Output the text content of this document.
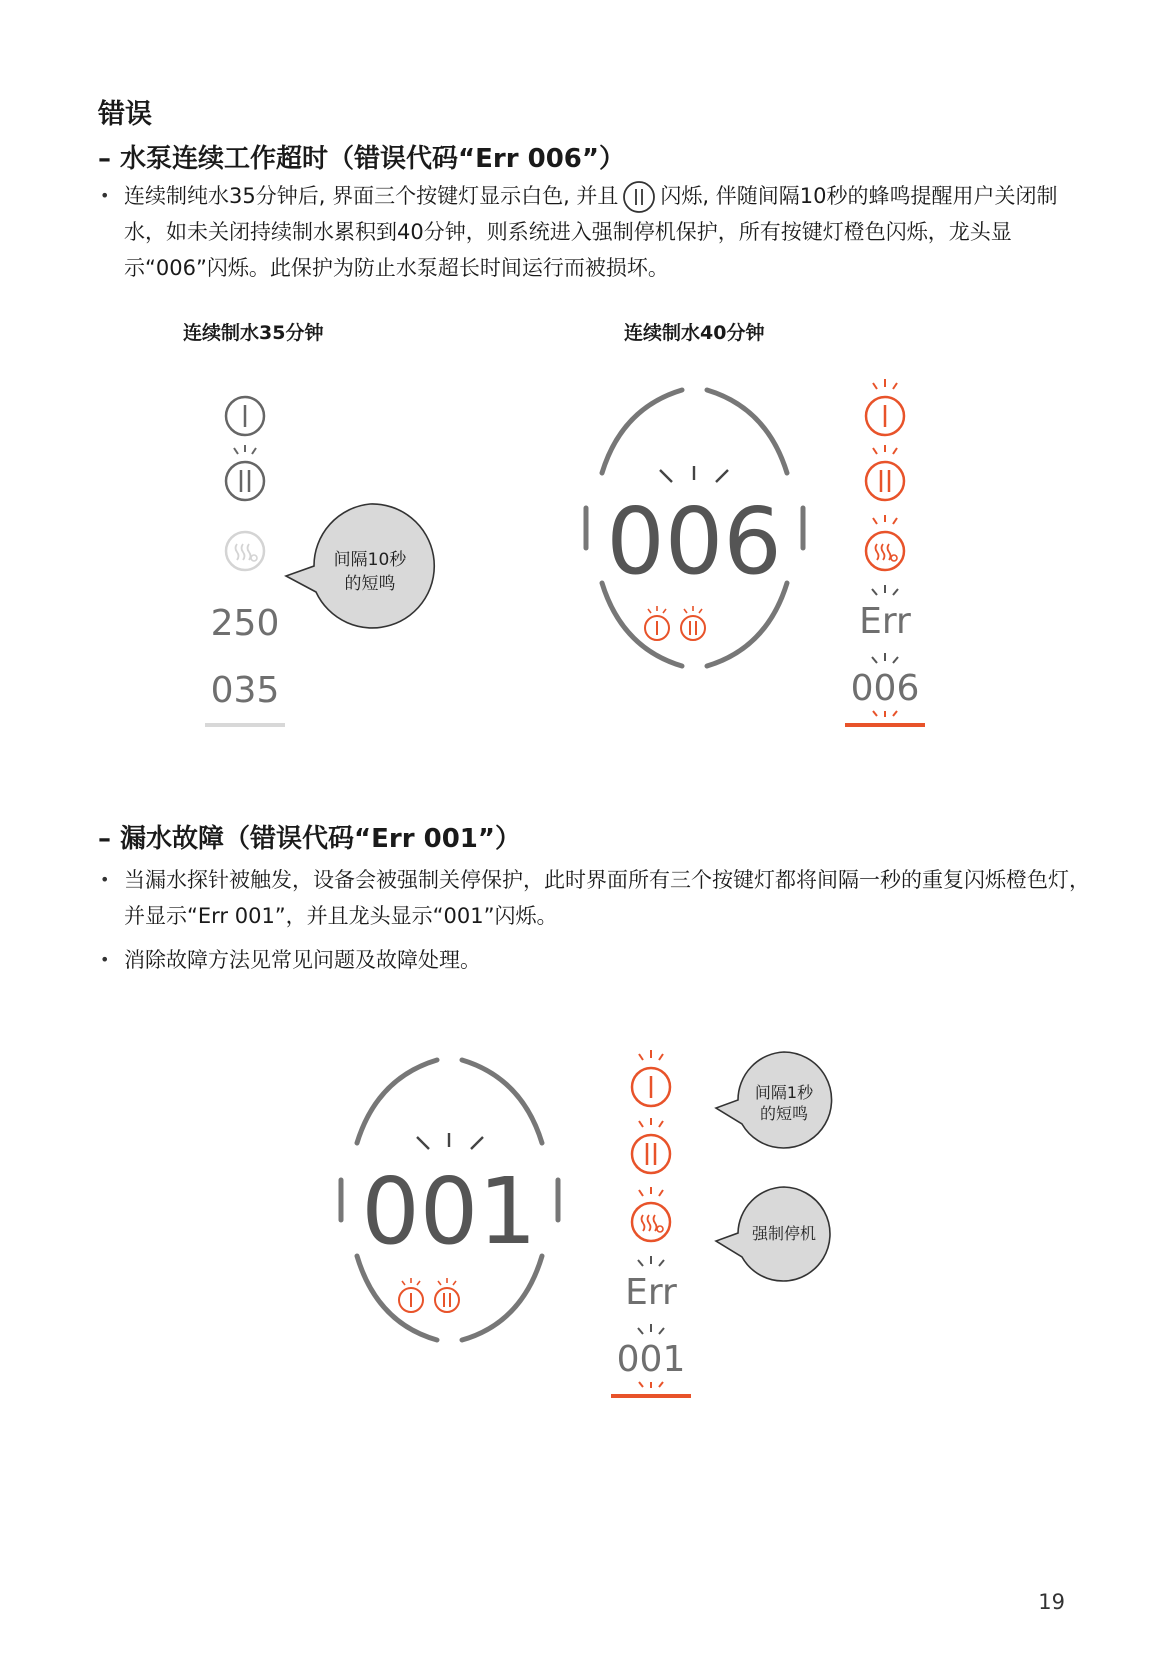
错误
– 水泵连续工作超时（错误代码“Err 006”）
• 连续制纯水35分钟后, 界面三个按键灯显示白色, 并且 闪烁, 伴随间隔10秒的蜂鸣提醒用户关闭制水，如未关闭持续制水累积到40分钟，则系统进入强制停机保护，所有按键灯橙色闪烁，龙头显示“006”闪烁。此保护为防止水泵超长时间运行而被损坏。
连续制水35分钟	连续制水40分钟
250
035
间隔10秒
的短鸣	006
Err
006
– 漏水故障（错误代码“Err 001”）
• 当漏水探针被触发，设备会被强制关停保护，此时界面所有三个按键灯都将间隔一秒的重复闪烁橙色灯，并显示“Err 001”，并且龙头显示“001”闪烁。
• 消除故障方法见常见问题及故障处理。
001
Err
001
间隔1秒
的短鸣
强制停机
19
